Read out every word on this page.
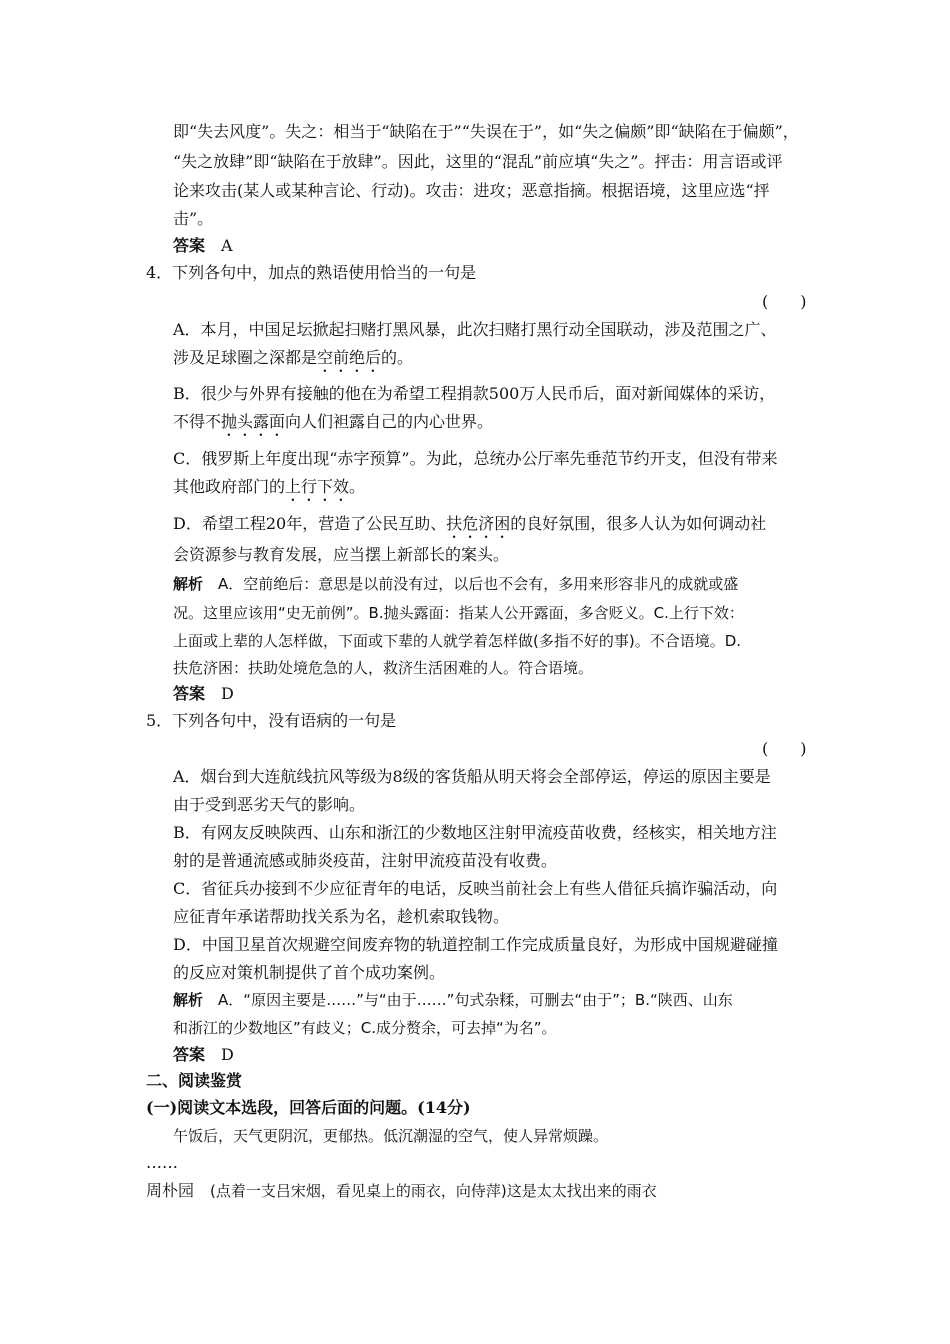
即“失去风度”。失之：相当于“缺陷在于”“失误在于”，如“失之偏颇”即“缺陷在于偏颇”，
“失之放肆”即“缺陷在于放肆”。因此，这里的“混乱”前应填“失之”。抨击：用言语或评
论来攻击(某人或某种言论、行动)。攻击：进攻；恶意指摘。根据语境，这里应选“抨
击”。
答案　 A
4．下列各句中，加点的熟语使用恰当的一句是
(　　)
A．本月，中国足坛掀起扫赌打黑风暴，此次扫赌打黑行动全国联动，涉及范围之广、
涉及足球圈之深都是空前绝后的。
B．很少与外界有接触的他在为希望工程捐款500万人民币后，面对新闻媒体的采访，
不得不抛头露面向人们袒露自己的内心世界。
C．俄罗斯上年度出现“赤字预算”。为此，总统办公厅率先垂范节约开支，但没有带来
其他政府部门的上行下效。
D．希望工程20年，营造了公民互助、扶危济困的良好氛围，很多人认为如何调动社
会资源参与教育发展，应当摆上新部长的案头。
解析　 A．空前绝后：意思是以前没有过，以后也不会有，多用来形容非凡的成就或盛
况。这里应该用“史无前例”。B.抛头露面：指某人公开露面，多含贬义。C.上行下效：
上面或上辈的人怎样做，下面或下辈的人就学着怎样做(多指不好的事)。不合语境。D.
扶危济困：扶助处境危急的人，救济生活困难的人。符合语境。
答案　 D
5．下列各句中，没有语病的一句是
(　　)
A．烟台到大连航线抗风等级为8级的客货船从明天将会全部停运，停运的原因主要是
由于受到恶劣天气的影响。
B．有网友反映陕西、山东和浙江的少数地区注射甲流疫苗收费，经核实，相关地方注
射的是普通流感或肺炎疫苗，注射甲流疫苗没有收费。
C．省征兵办接到不少应征青年的电话，反映当前社会上有些人借征兵搞诈骗活动，向
应征青年承诺帮助找关系为名，趁机索取钱物。
D．中国卫星首次规避空间废弃物的轨道控制工作完成质量良好，为形成中国规避碰撞
的反应对策机制提供了首个成功案例。
解析　 A．“原因主要是……”与“由于……”句式杂糅，可删去“由于”；B.“陕西、山东
和浙江的少数地区”有歧义；C.成分赘余，可去掉“为名”。
答案　 D
二、阅读鉴赏
(一)阅读文本选段，回答后面的问题。(14分)
午饭后，天气更阴沉，更郁热。低沉潮湿的空气，使人异常烦躁。
……
周朴园　 (点着一支吕宋烟，看见桌上的雨衣，向侍萍)这是太太找出来的雨衣
